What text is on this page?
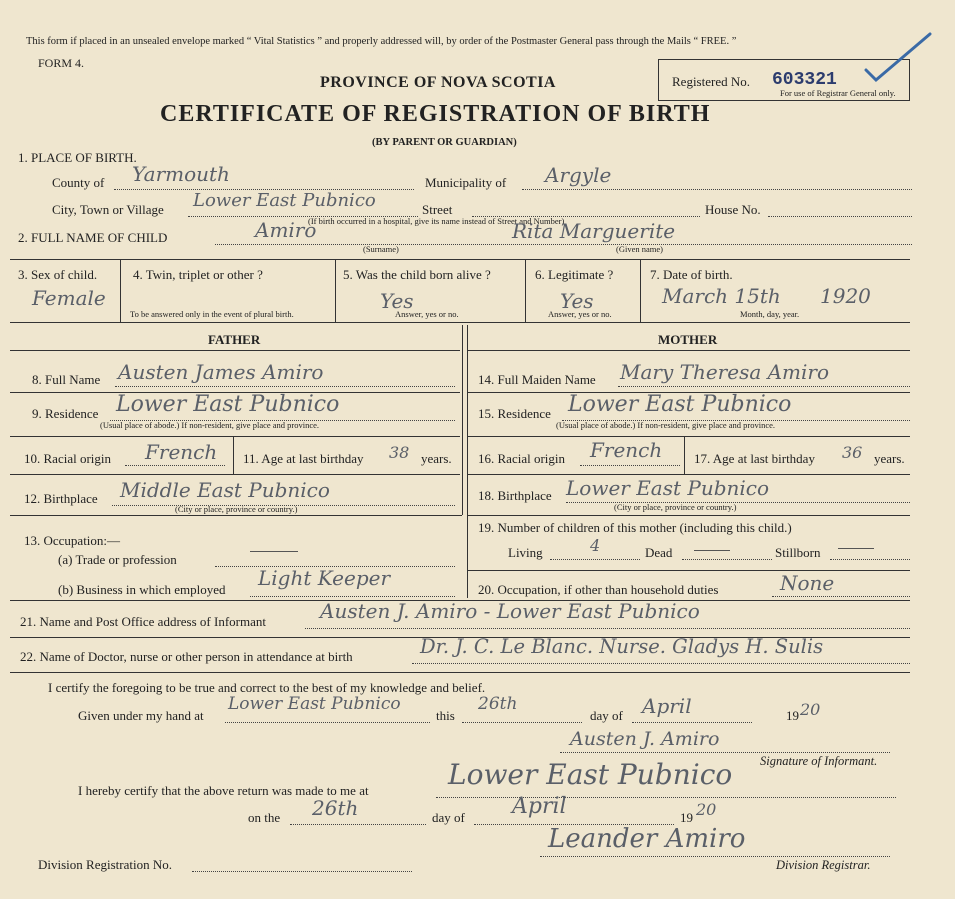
This form if placed in an unsealed envelope marked “ Vital Statistics ” and properly addressed will, by order of the Postmaster General pass through the Mails “ FREE. ”
FORM 4.
PROVINCE OF NOVA SCOTIA
CERTIFICATE OF REGISTRATION OF BIRTH
(BY PARENT OR GUARDIAN)
Registered No. 603321
For use of Registrar General only.
1. PLACE OF BIRTH.
County of Yarmouth	Municipality of Argyle
City, Town or Village Lower East Pubnico	Street	House No.
(If birth occurred in a hospital, give its name instead of Street and Number)
2. FULL NAME OF CHILD	Amiro	Rita Marguerite
(Surname)	(Given name)
3. Sex of child.
Female
4. Twin, triplet or other ?
To be answered only in the event of plural birth.
5. Was the child born alive ?
Yes
Answer, yes or no.
6. Legitimate ?
Yes
Answer, yes or no.
7. Date of birth.
March 15th 1920
Month, day, year.
FATHER	MOTHER
8. Full Name Austen James Amiro
9. Residence Lower East Pubnico
(Usual place of abode.) If non-resident, give place and province.
10. Racial origin French 11. Age at last birthday 38 years.
12. Birthplace Middle East Pubnico
(City or place, province or country.)
13. Occupation:—
(a) Trade or profession
(b) Business in which employed Light Keeper
14. Full Maiden Name Mary Theresa Amiro
15. Residence Lower East Pubnico
(Usual place of abode.) If non-resident, give place and province.
16. Racial origin French 17. Age at last birthday 36 years.
18. Birthplace Lower East Pubnico
(City or place, province or country.)
19. Number of children of this mother (including this child.)
Living	4	Dead	Stillborn
20. Occupation, if other than household duties	None
21. Name and Post Office address of Informant	Austen J. Amiro - Lower East Pubnico
22. Name of Doctor, nurse or other person in attendance at birth	Dr. J. C. Le Blanc. Nurse. Gladys H. Sulis
I certify the foregoing to be true and correct to the best of my knowledge and belief.
Given under my hand at
Lower East Pubnico
this
26th
day of April	19 20
Austen J. Amiro
Signature of Informant.
I hereby certify that the above return was made to me at	Lower East Pubnico
on the 26th	day of April	19 20
Leander Amiro
Division Registration No.	Division Registrar.
